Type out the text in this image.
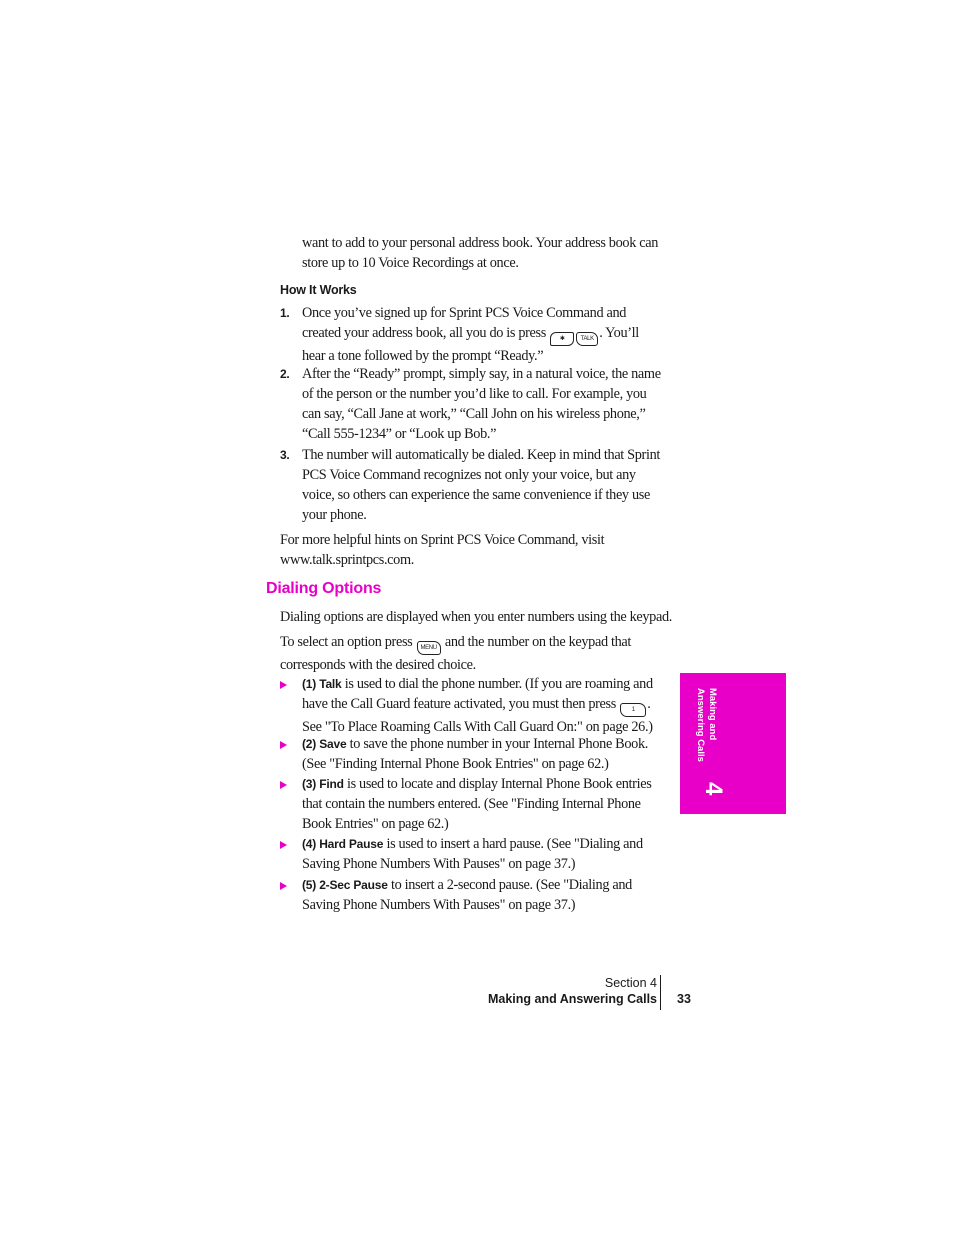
want to add to your personal address book. Your address book can store up to 10 Voice Recordings at once.
How It Works
1. Once you’ve signed up for Sprint PCS Voice Command and created your address book, all you do is press ✱	TALK . You’ll hear a tone followed by the prompt “Ready.”
2. After the “Ready” prompt, simply say, in a natural voice, the name of the person or the number you’d like to call. For example, you can say, “Call Jane at work,” “Call John on his wireless phone,” “Call 555-1234” or “Look up Bob.”
3. The number will automatically be dialed. Keep in mind that Sprint PCS Voice Command recognizes not only your voice, but any voice, so others can experience the same convenience if they use your phone.
For more helpful hints on Sprint PCS Voice Command, visit www.talk.sprintpcs.com.
Dialing Options
Dialing options are displayed when you enter numbers using the keypad.
To select an option press MENU and the number on the keypad that corresponds with the desired choice.
(1) Talk is used to dial the phone number. (If you are roaming and have the Call Guard feature activated, you must then press	1 . See "To Place Roaming Calls With Call Guard On:" on page 26.)
(2) Save to save the phone number in your Internal Phone Book. (See "Finding Internal Phone Book Entries" on page 62.)
(3) Find is used to locate and display Internal Phone Book entries that contain the numbers entered. (See "Finding Internal Phone Book Entries" on page 62.)
(4) Hard Pause is used to insert a hard pause. (See "Dialing and Saving Phone Numbers With Pauses" on page 37.)
(5) 2-Sec Pause to insert a 2-second pause. (See "Dialing and Saving Phone Numbers With Pauses" on page 37.)
Making and
Answering Calls
4
Section 4
Making and Answering Calls 33
